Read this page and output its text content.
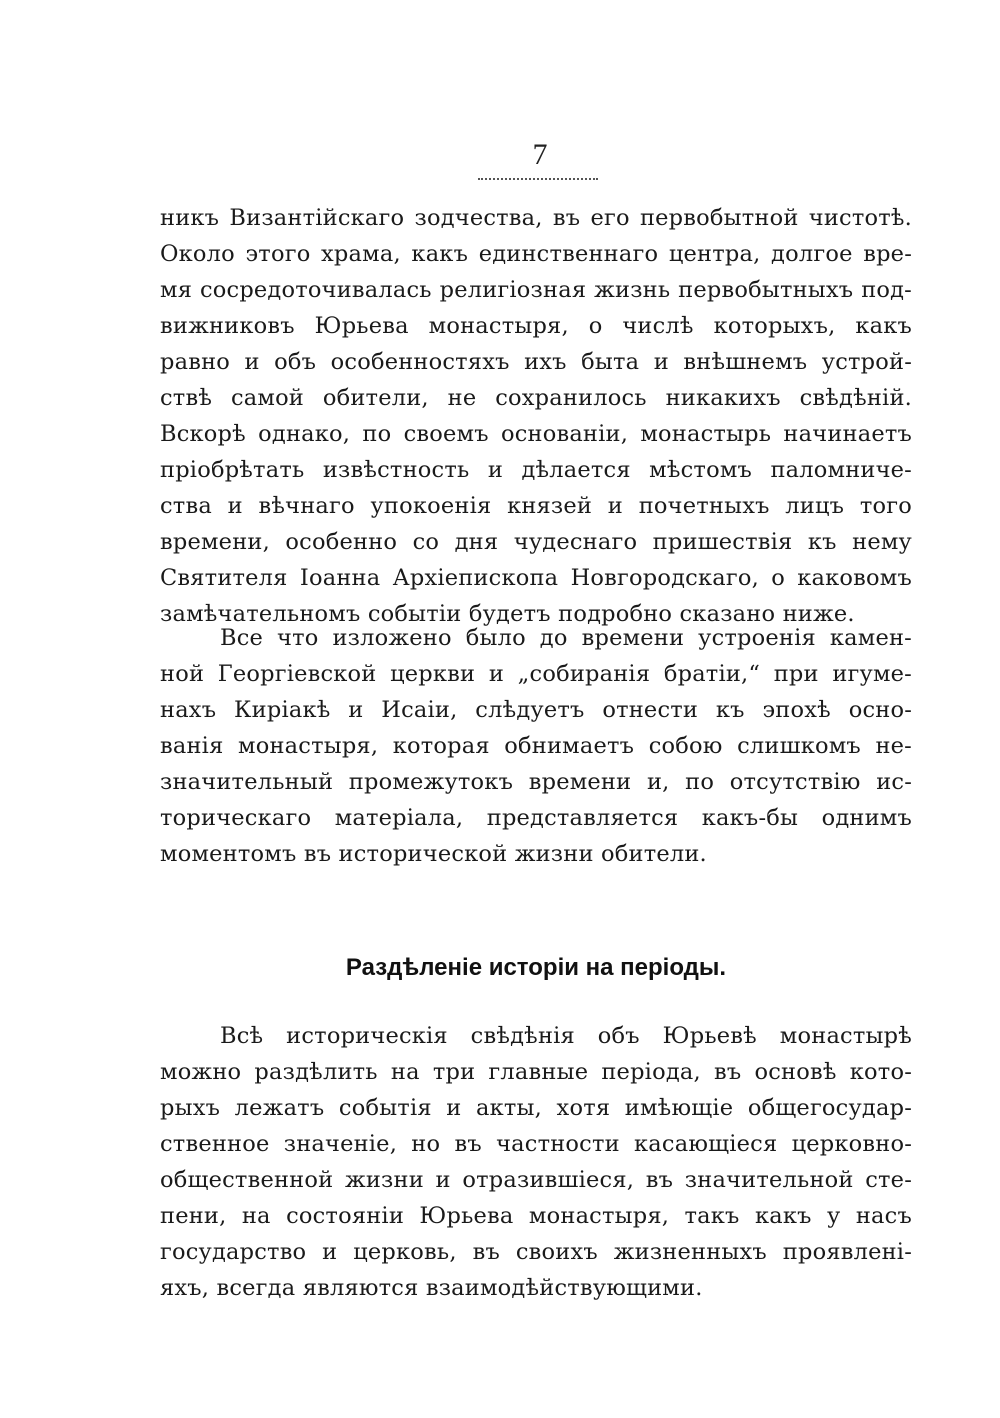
7
никъ Византійскаго зодчества, въ его первобытной чистотѣ.
Около этого храма, какъ единственнаго центра, долгое вре-
мя сосредоточивалась религіозная жизнь первобытныхъ под-
вижниковъ Юрьева монастыря, о числѣ которыхъ, какъ
равно и объ особенностяхъ ихъ быта и внѣшнемъ устрой-
ствѣ самой обители, не сохранилось никакихъ свѣдѣній.
Вскорѣ однако, по своемъ основаніи, монастырь начинаетъ
пріобрѣтать извѣстность и дѣлается мѣстомъ паломниче-
ства и вѣчнаго упокоенія князей и почетныхъ лицъ того
времени, особенно со дня чудеснаго пришествія къ нему
Святителя Іоанна Архіепископа Новгородскаго, о каковомъ
замѣчательномъ событіи будетъ подробно сказано ниже.
Все что изложено было до времени устроенія камен-
ной Георгіевской церкви и „собиранія братіи,“ при игуме-
нахъ Киріакѣ и Исаіи, слѣдуетъ отнести къ эпохѣ осно-
ванія монастыря, которая обнимаетъ собою слишкомъ не-
значительный промежутокъ времени и, по отсутствію ис-
торическаго матеріала, представляется какъ-бы однимъ
моментомъ въ исторической жизни обители.
Раздѣленіе исторіи на періоды.
Всѣ историческія свѣдѣнія объ Юрьевѣ монастырѣ
можно раздѣлить на три главные періода, въ основѣ кото-
рыхъ лежатъ событія и акты, хотя имѣющіе общегосудар-
ственное значеніе, но въ частности касающіеся церковно-
общественной жизни и отразившіеся, въ значительной сте-
пени, на состояніи Юрьева монастыря, такъ какъ у насъ
государство и церковь, въ своихъ жизненныхъ проявлені-
яхъ, всегда являются взаимодѣйствующими.
